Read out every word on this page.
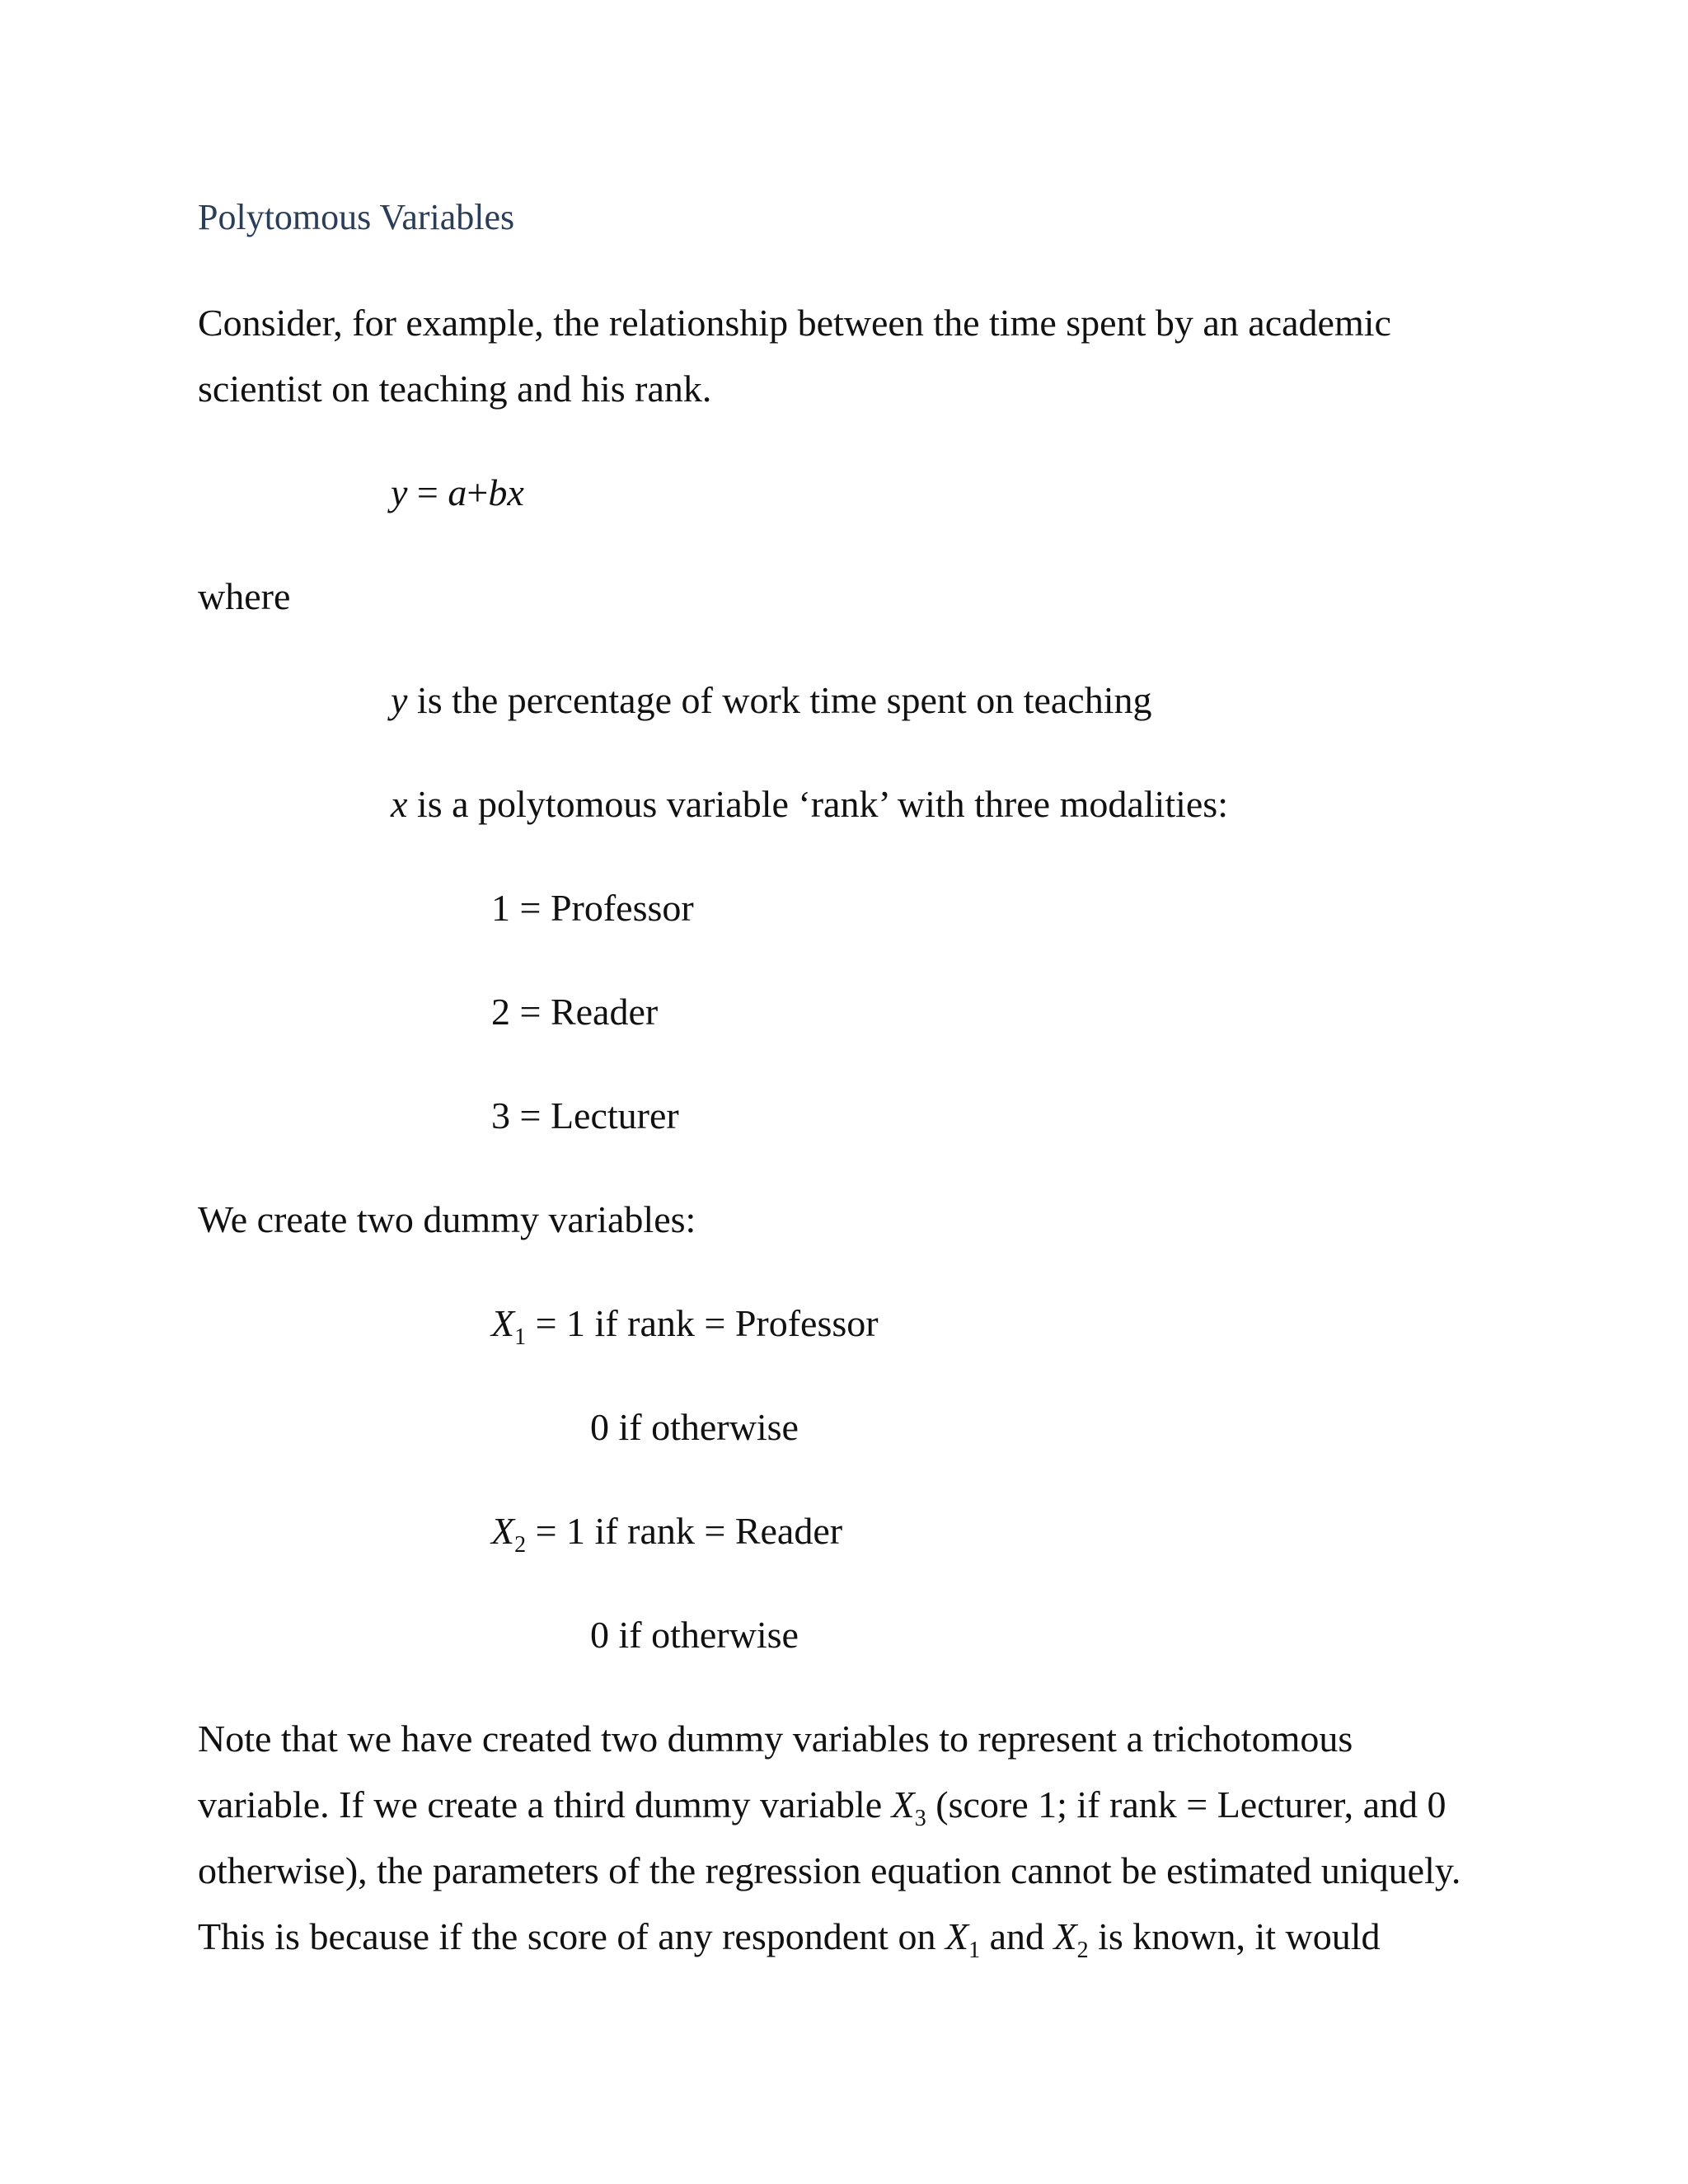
Polytomous Variables
Consider, for example, the relationship between the time spent by an academic
scientist on teaching and his rank.
y = a+bx
where
y is the percentage of work time spent on teaching
x is a polytomous variable ‘rank’ with three modalities:
1 = Professor
2 = Reader
3 = Lecturer
We create two dummy variables:
$X_1 = 1$ if rank = Professor
0 if otherwise
$X_2 = 1$ if rank = Reader
0 if otherwise
Note that we have created two dummy variables to represent a trichotomous
variable. If we create a third dummy variable $X_3$ (score 1; if rank = Lecturer, and 0
otherwise), the parameters of the regression equation cannot be estimated uniquely.
This is because if the score of any respondent on $X_1$ and $X_2$ is known, it would
